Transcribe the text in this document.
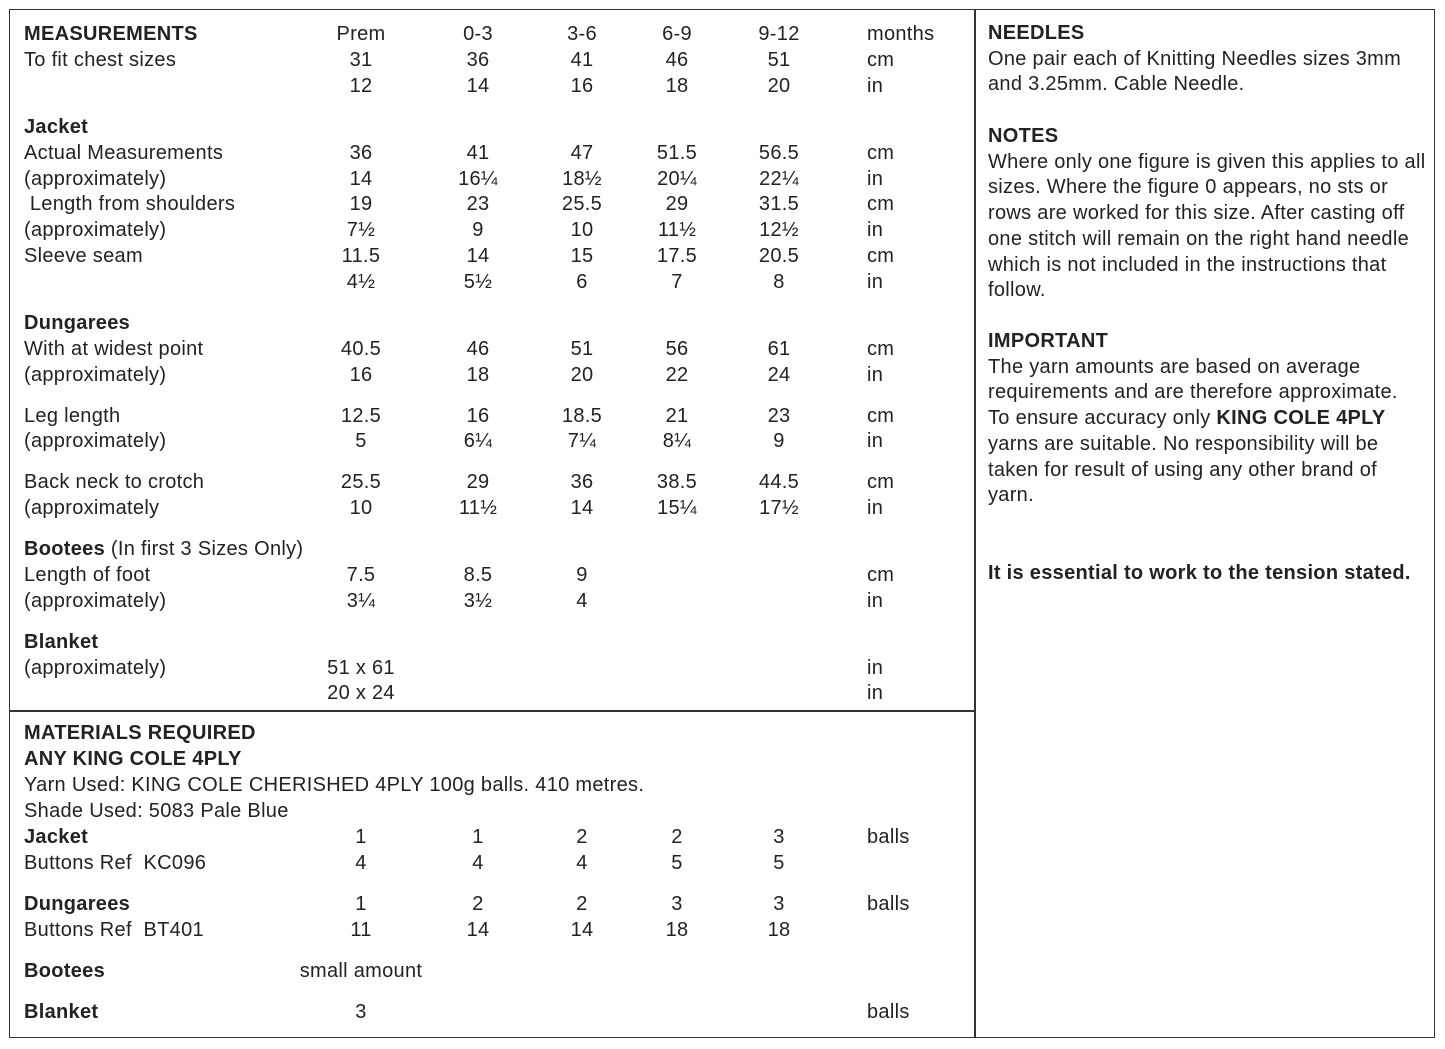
MEASUREMENTS	Prem	0-3	3-6	6-9	9-12	months
To fit chest sizes	31	36	41	46	51	cm
12	14	16	18	20	in
Jacket
Actual Measurements	36	41	47	51.5	56.5	cm
(approximately)	14	16¼	18½	20¼	22¼	in
Length from shoulders	19	23	25.5	29	31.5	cm
(approximately)	7½	9	10	11½	12½	in
Sleeve seam	11.5	14	15	17.5	20.5	cm
4½	5½	6	7	8	in
Dungarees
With at widest point	40.5	46	51	56	61	cm
(approximately)	16	18	20	22	24	in
Leg length	12.5	16	18.5	21	23	cm
(approximately)	5	6¼	7¼	8¼	9	in
Back neck to crotch	25.5	29	36	38.5	44.5	cm
(approximately	10	11½	14	15¼	17½	in
Bootees (In first 3 Sizes Only)
Length of foot	7.5	8.5	9	cm
(approximately)	3¼	3½	4	in
Blanket
(approximately)	51 x 61	in
20 x 24	in
MATERIALS REQUIRED
ANY KING COLE 4PLY
Yarn Used: KING COLE CHERISHED 4PLY 100g balls. 410 metres.
Shade Used: 5083 Pale Blue
Jacket	1	1	2	2	3	balls
Buttons Ref  KC096	4	4	4	5	5
Dungarees	1	2	2	3	3	balls
Buttons Ref  BT401	11	14	14	18	18
Bootees	small amount
Blanket	3	balls

NEEDLES

One pair each of Knitting Needles sizes 3mm and 3.25mm. Cable Needle.

NOTES

Where only one figure is given this applies to all sizes. Where the figure 0 appears, no sts or rows are worked for this size. After casting off one stitch will remain on the right hand needle which is not included in the instructions that follow.

IMPORTANT

The yarn amounts are based on average requirements and are therefore approximate.

To ensure accuracy only KING COLE 4PLY yarns are suitable. No responsibility will be taken for result of using any other brand of yarn.

It is essential to work to the tension stated.
